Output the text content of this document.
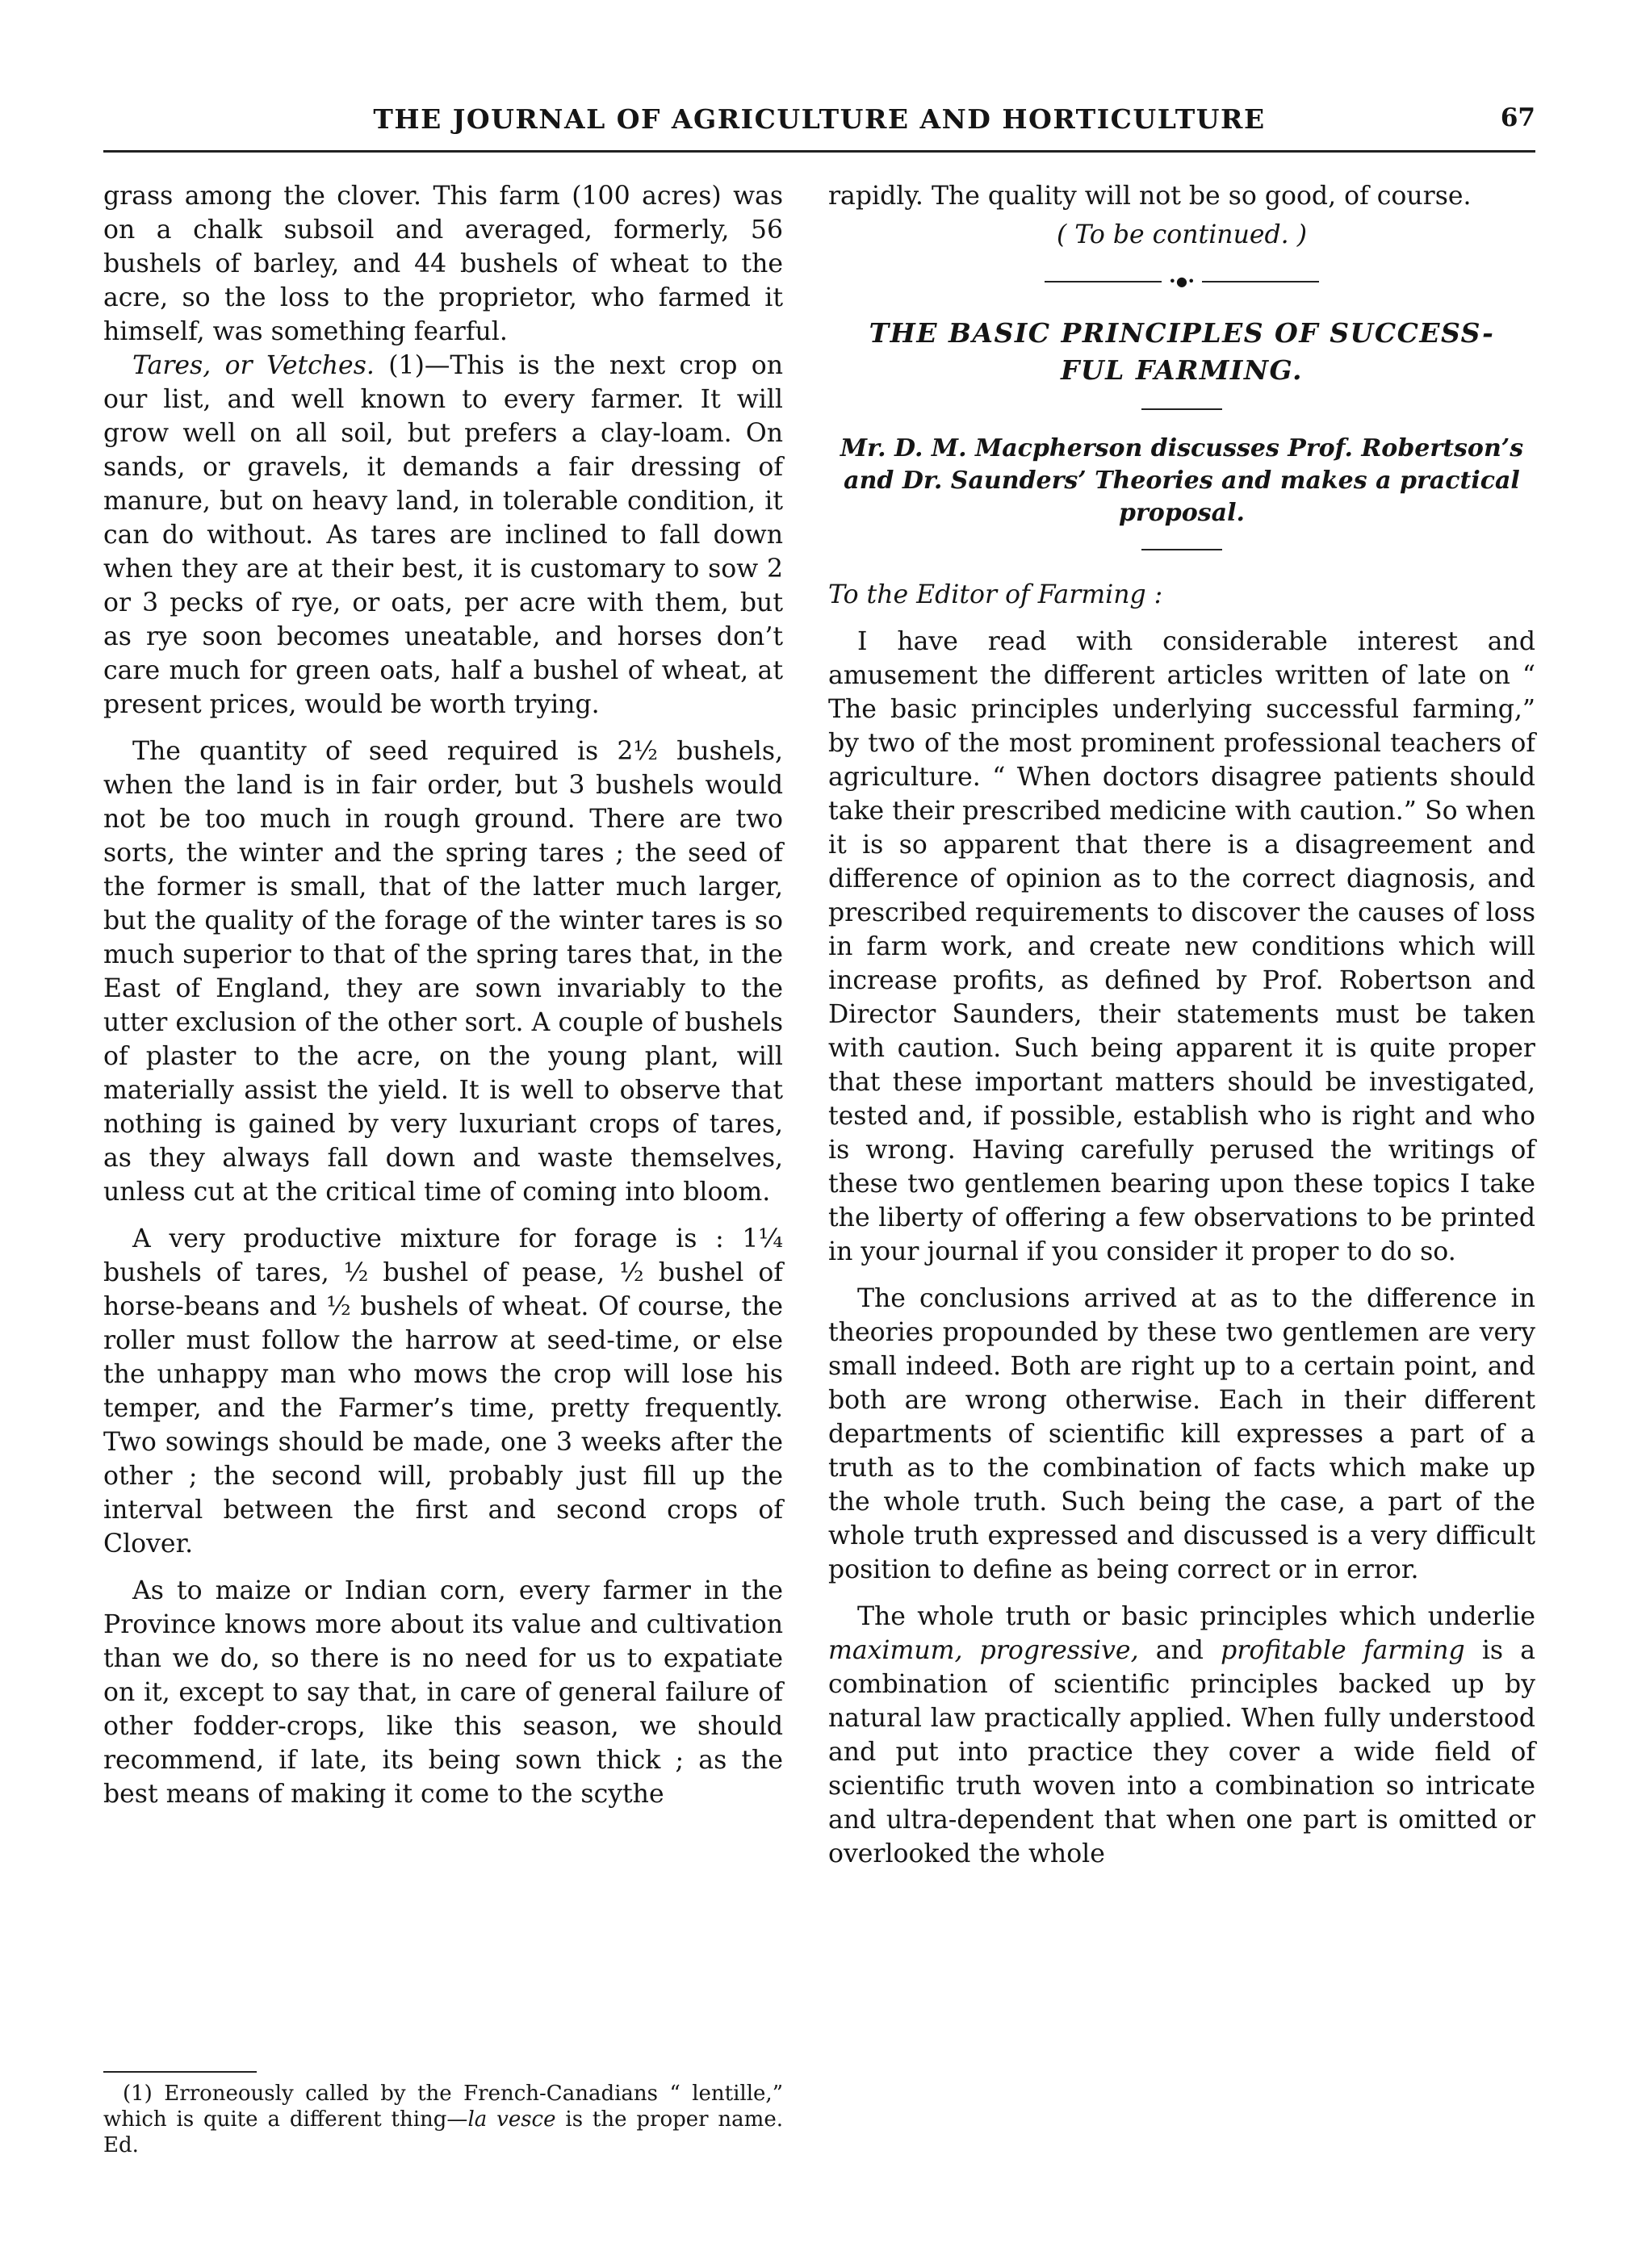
THE JOURNAL OF AGRICULTURE AND HORTICULTURE	67

grass among the clover. This farm (100 acres) was on a chalk subsoil and averaged, formerly, 56 bushels of barley, and 44 bushels of wheat to the acre, so the loss to the proprietor, who farmed it himself, was something fearful.

Tares, or Vetches. (1)—This is the next crop on our list, and well known to every farmer. It will grow well on all soil, but prefers a clay-loam. On sands, or gravels, it demands a fair dressing of manure, but on heavy land, in tolerable condition, it can do without. As tares are inclined to fall down when they are at their best, it is customary to sow 2 or 3 pecks of rye, or oats, per acre with them, but as rye soon becomes uneatable, and horses don’t care much for green oats, half a bushel of wheat, at present prices, would be worth trying.

The quantity of seed required is 2½ bushels, when the land is in fair order, but 3 bushels would not be too much in rough ground. There are two sorts, the winter and the spring tares ; the seed of the former is small, that of the latter much larger, but the quality of the forage of the winter tares is so much superior to that of the spring tares that, in the East of England, they are sown invariably to the utter exclusion of the other sort. A couple of bushels of plaster to the acre, on the young plant, will materially assist the yield. It is well to observe that nothing is gained by very luxuriant crops of tares, as they always fall down and waste themselves, unless cut at the critical time of coming into bloom.

A very productive mixture for forage is : 1¼ bushels of tares, ½ bushel of pease, ½ bushel of horse-beans and ½ bushels of wheat. Of course, the roller must follow the harrow at seed-time, or else the unhappy man who mows the crop will lose his temper, and the Farmer’s time, pretty frequently. Two sowings should be made, one 3 weeks after the other ; the second will, probably just fill up the interval between the first and second crops of Clover.

As to maize or Indian corn, every farmer in the Province knows more about its value and cultivation than we do, so there is no need for us to expatiate on it, except to say that, in care of general failure of other fodder-crops, like this season, we should recommend, if late, its being sown thick ; as the best means of making it come to the scythe

(1) Erroneously called by the French-Canadians “ lentille,” which is quite a different thing—la vesce is the proper name. Ed.

rapidly. The quality will not be so good, of course.

( To be continued. )

•●•
THE BASIC PRINCIPLES OF SUCCESS-
FUL FARMING.
Mr. D. M. Macpherson discusses Prof. Robertson’s and Dr. Saunders’ Theories and makes a practical proposal.

To the Editor of Farming :

I have read with considerable interest and amusement the different articles written of late on “ The basic principles underlying successful farming,” by two of the most prominent professional teachers of agriculture. “ When doctors disagree patients should take their prescribed medicine with caution.” So when it is so apparent that there is a disagreement and difference of opinion as to the correct diagnosis, and prescribed requirements to discover the causes of loss in farm work, and create new conditions which will increase profits, as defined by Prof. Robertson and Director Saunders, their statements must be taken with caution. Such being apparent it is quite proper that these important matters should be investigated, tested and, if possible, establish who is right and who is wrong. Having carefully perused the writings of these two gentlemen bearing upon these topics I take the liberty of offering a few observations to be printed in your journal if you consider it proper to do so.

The conclusions arrived at as to the difference in theories propounded by these two gentlemen are very small indeed. Both are right up to a certain point, and both are wrong otherwise. Each in their different departments of scientific kill expresses a part of a truth as to the combination of facts which make up the whole truth. Such being the case, a part of the whole truth expressed and discussed is a very difficult position to define as being correct or in error.

The whole truth or basic principles which underlie maximum, progressive, and profitable farming is a combination of scientific principles backed up by natural law practically applied. When fully understood and put into practice they cover a wide field of scientific truth woven into a combination so intricate and ultra-dependent that when one part is omitted or overlooked the whole
